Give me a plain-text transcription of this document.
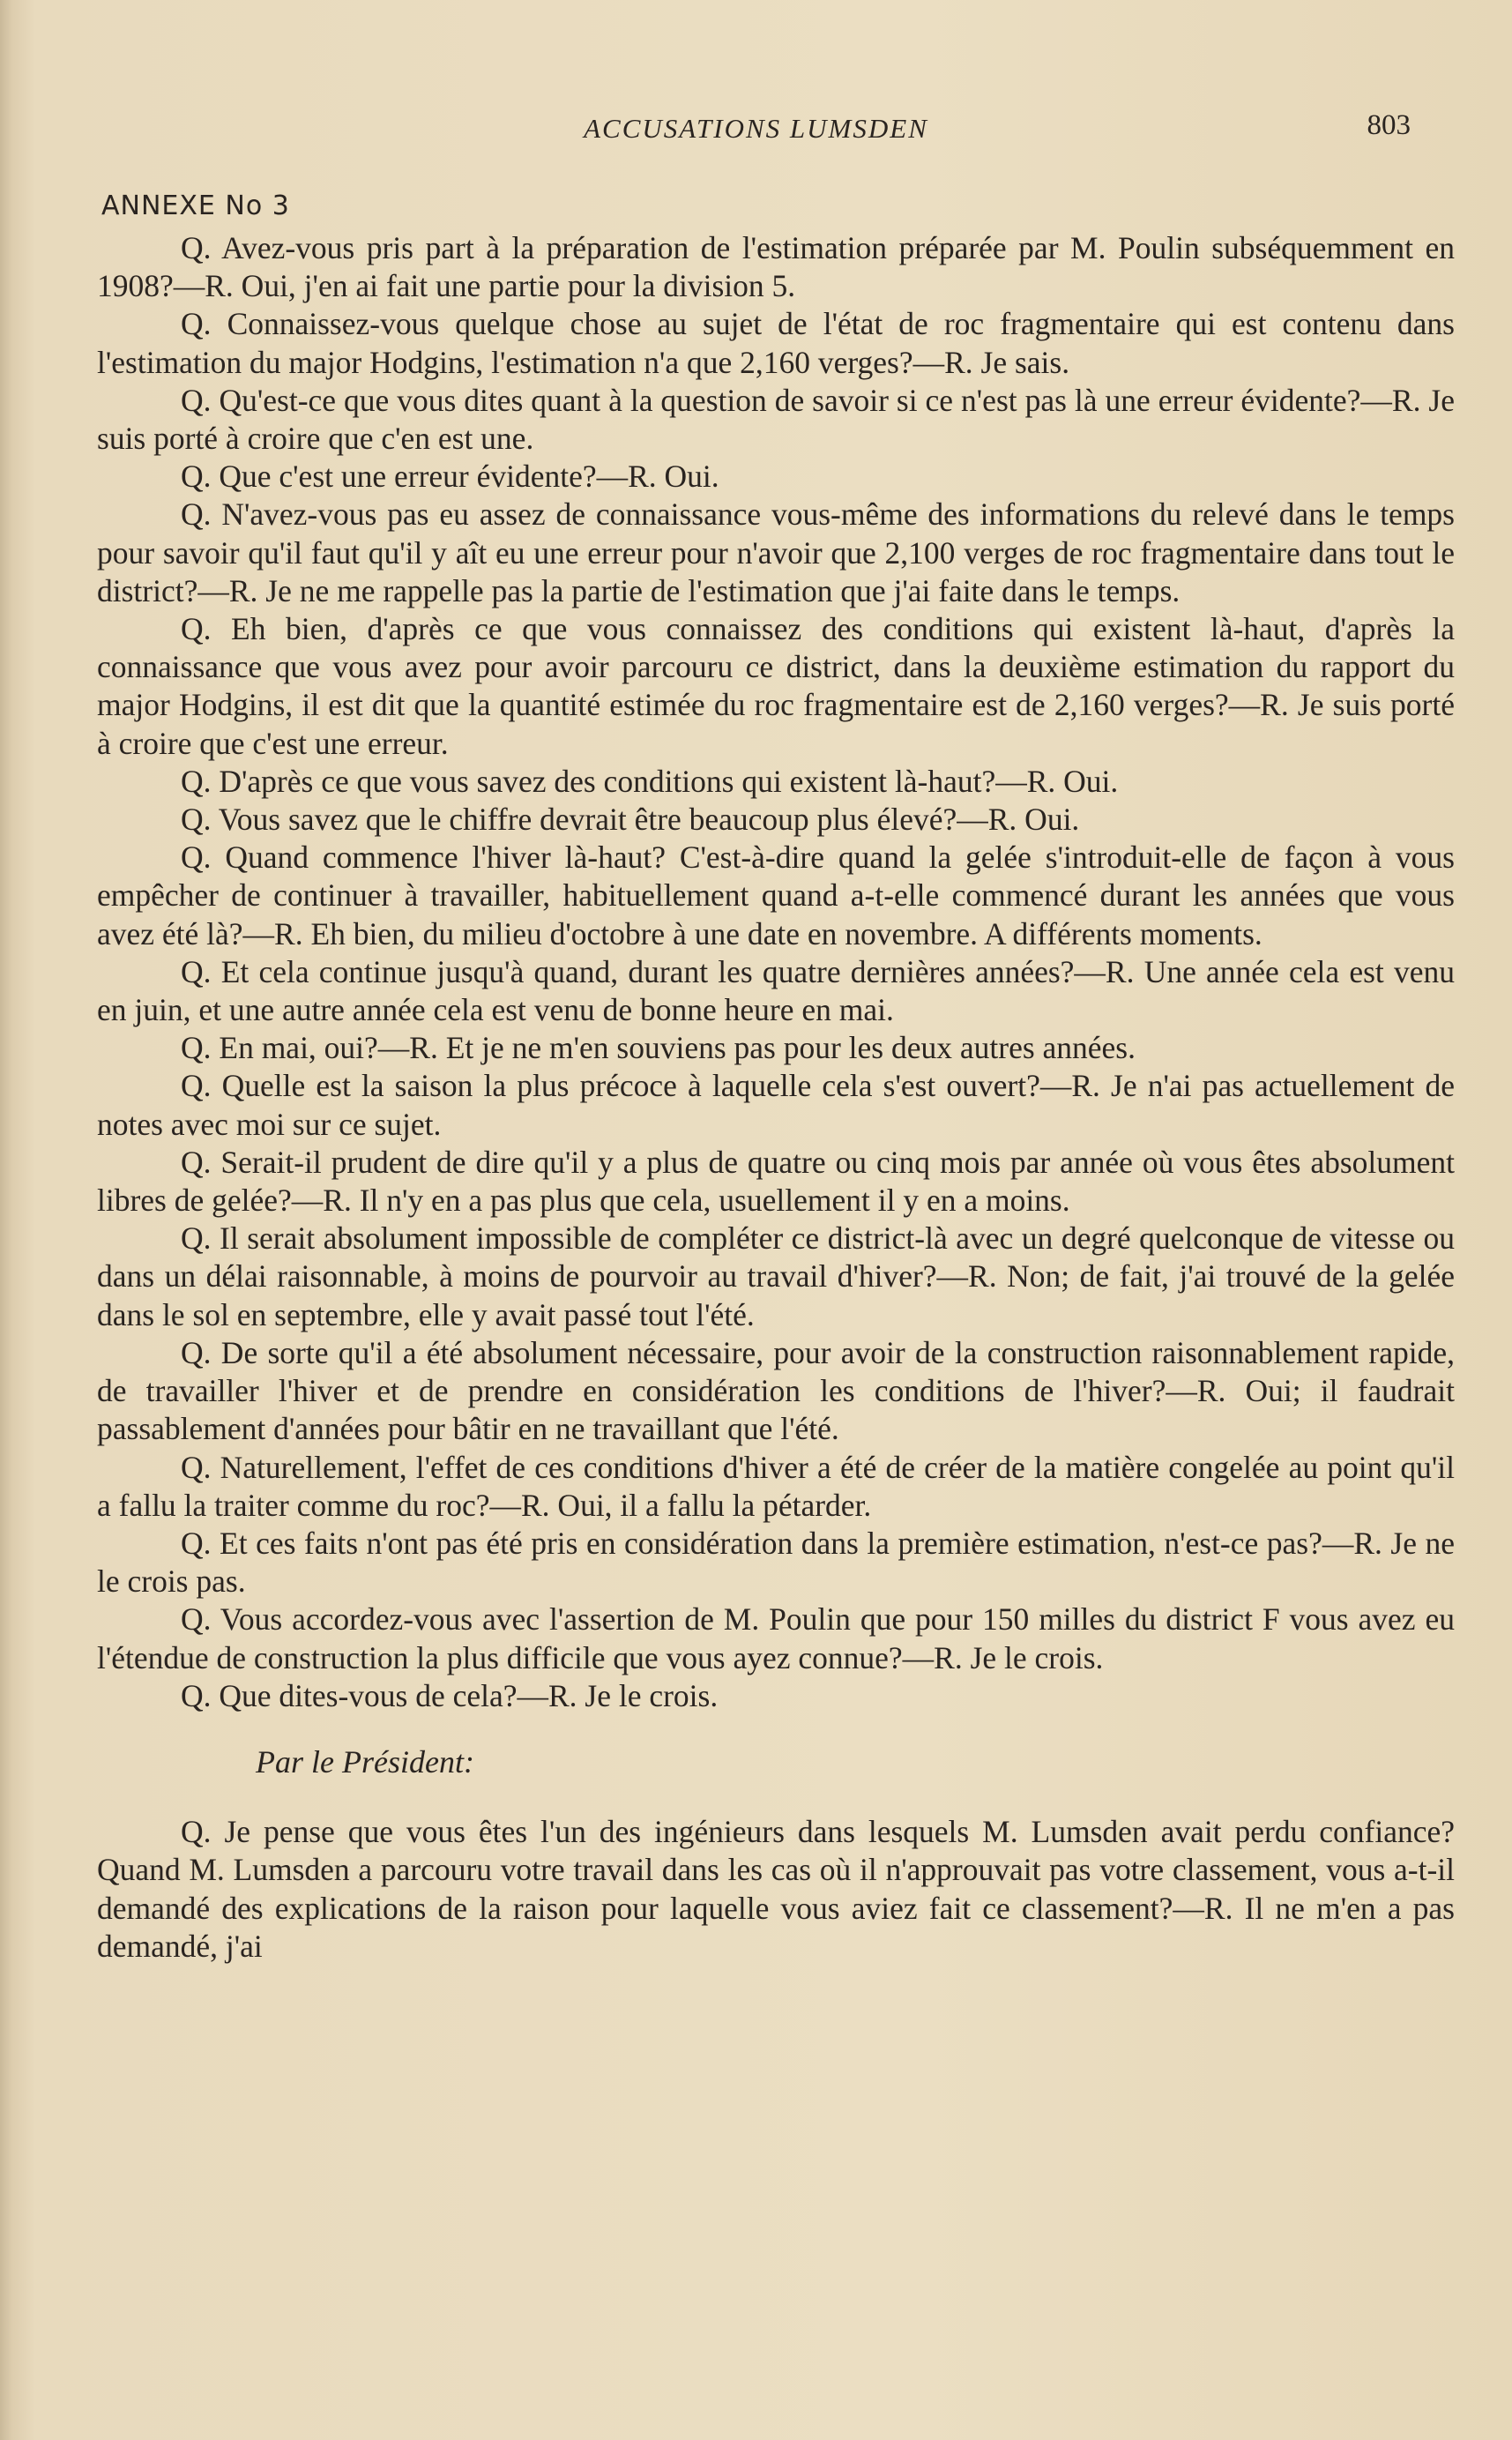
ACCUSATIONS LUMSDEN	803
ANNEXE No 3

Q. Avez-vous pris part à la préparation de l'estimation préparée par M. Poulin subséquemment en 1908?—R. Oui, j'en ai fait une partie pour la division 5.

Q. Connaissez-vous quelque chose au sujet de l'état de roc fragmentaire qui est contenu dans l'estimation du major Hodgins, l'estimation n'a que 2,160 verges?—R. Je sais.

Q. Qu'est-ce que vous dites quant à la question de savoir si ce n'est pas là une erreur évidente?—R. Je suis porté à croire que c'en est une.

Q. Que c'est une erreur évidente?—R. Oui.

Q. N'avez-vous pas eu assez de connaissance vous-même des informations du relevé dans le temps pour savoir qu'il faut qu'il y aît eu une erreur pour n'avoir que 2,100 verges de roc fragmentaire dans tout le district?—R. Je ne me rappelle pas la partie de l'estimation que j'ai faite dans le temps.

Q. Eh bien, d'après ce que vous connaissez des conditions qui existent là-haut, d'après la connaissance que vous avez pour avoir parcouru ce district, dans la deuxième estimation du rapport du major Hodgins, il est dit que la quantité estimée du roc fragmentaire est de 2,160 verges?—R. Je suis porté à croire que c'est une erreur.

Q. D'après ce que vous savez des conditions qui existent là-haut?—R. Oui.

Q. Vous savez que le chiffre devrait être beaucoup plus élevé?—R. Oui.

Q. Quand commence l'hiver là-haut? C'est-à-dire quand la gelée s'introduit-elle de façon à vous empêcher de continuer à travailler, habituellement quand a-t-elle commencé durant les années que vous avez été là?—R. Eh bien, du milieu d'octobre à une date en novembre. A différents moments.

Q. Et cela continue jusqu'à quand, durant les quatre dernières années?—R. Une année cela est venu en juin, et une autre année cela est venu de bonne heure en mai.

Q. En mai, oui?—R. Et je ne m'en souviens pas pour les deux autres années.

Q. Quelle est la saison la plus précoce à laquelle cela s'est ouvert?—R. Je n'ai pas actuellement de notes avec moi sur ce sujet.

Q. Serait-il prudent de dire qu'il y a plus de quatre ou cinq mois par année où vous êtes absolument libres de gelée?—R. Il n'y en a pas plus que cela, usuellement il y en a moins.

Q. Il serait absolument impossible de compléter ce district-là avec un degré quelconque de vitesse ou dans un délai raisonnable, à moins de pourvoir au travail d'hiver?—R. Non; de fait, j'ai trouvé de la gelée dans le sol en septembre, elle y avait passé tout l'été.

Q. De sorte qu'il a été absolument nécessaire, pour avoir de la construction raisonnablement rapide, de travailler l'hiver et de prendre en considération les conditions de l'hiver?—R. Oui; il faudrait passablement d'années pour bâtir en ne travaillant que l'été.

Q. Naturellement, l'effet de ces conditions d'hiver a été de créer de la matière congelée au point qu'il a fallu la traiter comme du roc?—R. Oui, il a fallu la pétarder.

Q. Et ces faits n'ont pas été pris en considération dans la première estimation, n'est-ce pas?—R. Je ne le crois pas.

Q. Vous accordez-vous avec l'assertion de M. Poulin que pour 150 milles du district F vous avez eu l'étendue de construction la plus difficile que vous ayez connue?—R. Je le crois.

Q. Que dites-vous de cela?—R. Je le crois.

Par le Président:

Q. Je pense que vous êtes l'un des ingénieurs dans lesquels M. Lumsden avait perdu confiance? Quand M. Lumsden a parcouru votre travail dans les cas où il n'approuvait pas votre classement, vous a-t-il demandé des explications de la raison pour laquelle vous aviez fait ce classement?—R. Il ne m'en a pas demandé, j'ai
